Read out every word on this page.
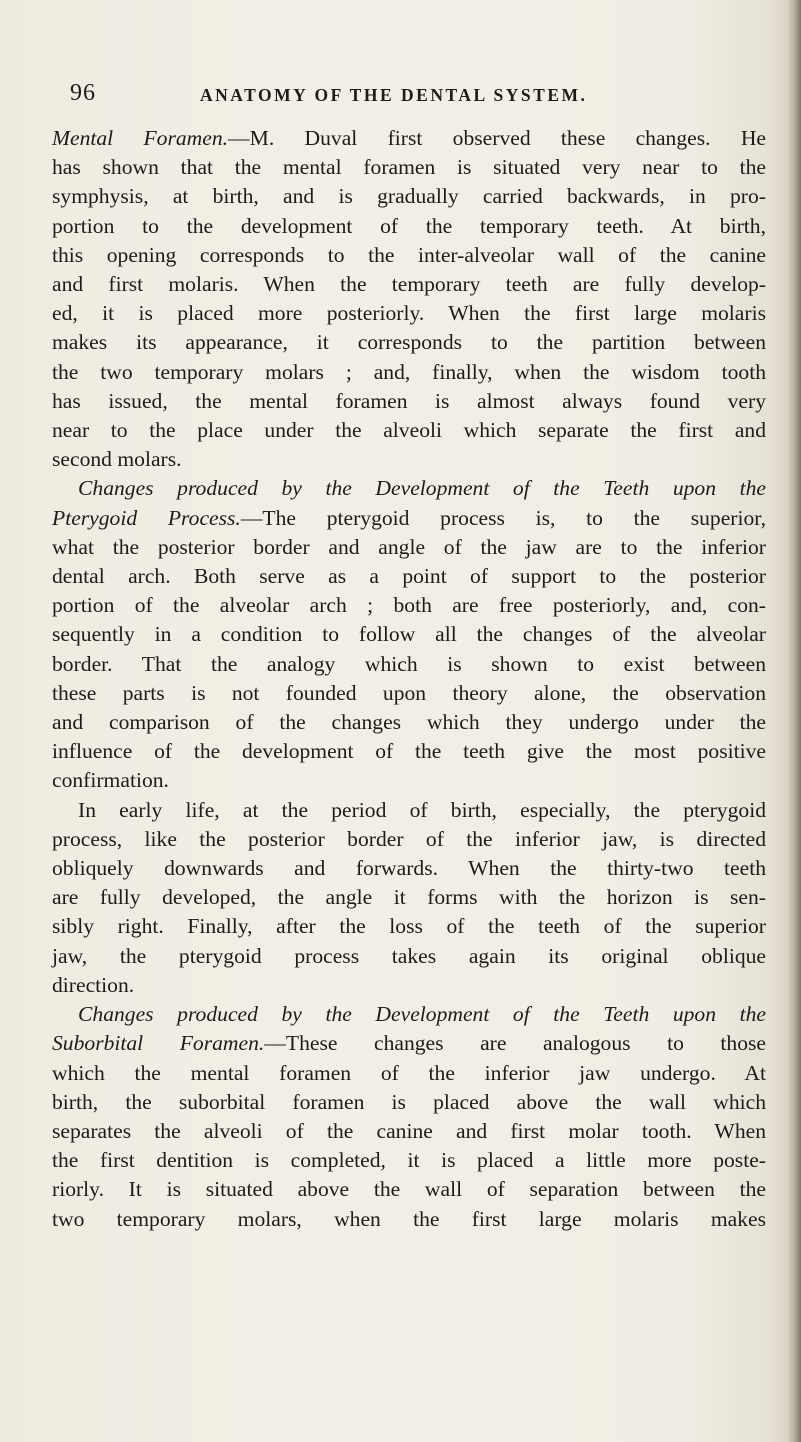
96	ANATOMY OF THE DENTAL SYSTEM.
Mental Foramen.—M. Duval first observed these changes. He
has shown that the mental foramen is situated very near to the
symphysis, at birth, and is gradually carried backwards, in pro-
portion to the development of the temporary teeth. At birth,
this opening corresponds to the inter-alveolar wall of the canine
and first molaris. When the temporary teeth are fully develop-
ed, it is placed more posteriorly. When the first large molaris
makes its appearance, it corresponds to the partition between
the two temporary molars ; and, finally, when the wisdom tooth
has issued, the mental foramen is almost always found very
near to the place under the alveoli which separate the first and
second molars.
Changes produced by the Development of the Teeth upon the
Pterygoid Process.—The pterygoid process is, to the superior,
what the posterior border and angle of the jaw are to the inferior
dental arch. Both serve as a point of support to the posterior
portion of the alveolar arch ; both are free posteriorly, and, con-
sequently in a condition to follow all the changes of the alveolar
border. That the analogy which is shown to exist between
these parts is not founded upon theory alone, the observation
and comparison of the changes which they undergo under the
influence of the development of the teeth give the most positive
confirmation.
In early life, at the period of birth, especially, the pterygoid
process, like the posterior border of the inferior jaw, is directed
obliquely downwards and forwards. When the thirty-two teeth
are fully developed, the angle it forms with the horizon is sen-
sibly right. Finally, after the loss of the teeth of the superior
jaw, the pterygoid process takes again its original oblique
direction.
Changes produced by the Development of the Teeth upon the
Suborbital Foramen.—These changes are analogous to those
which the mental foramen of the inferior jaw undergo. At
birth, the suborbital foramen is placed above the wall which
separates the alveoli of the canine and first molar tooth. When
the first dentition is completed, it is placed a little more poste-
riorly. It is situated above the wall of separation between the
two temporary molars, when the first large molaris makes
